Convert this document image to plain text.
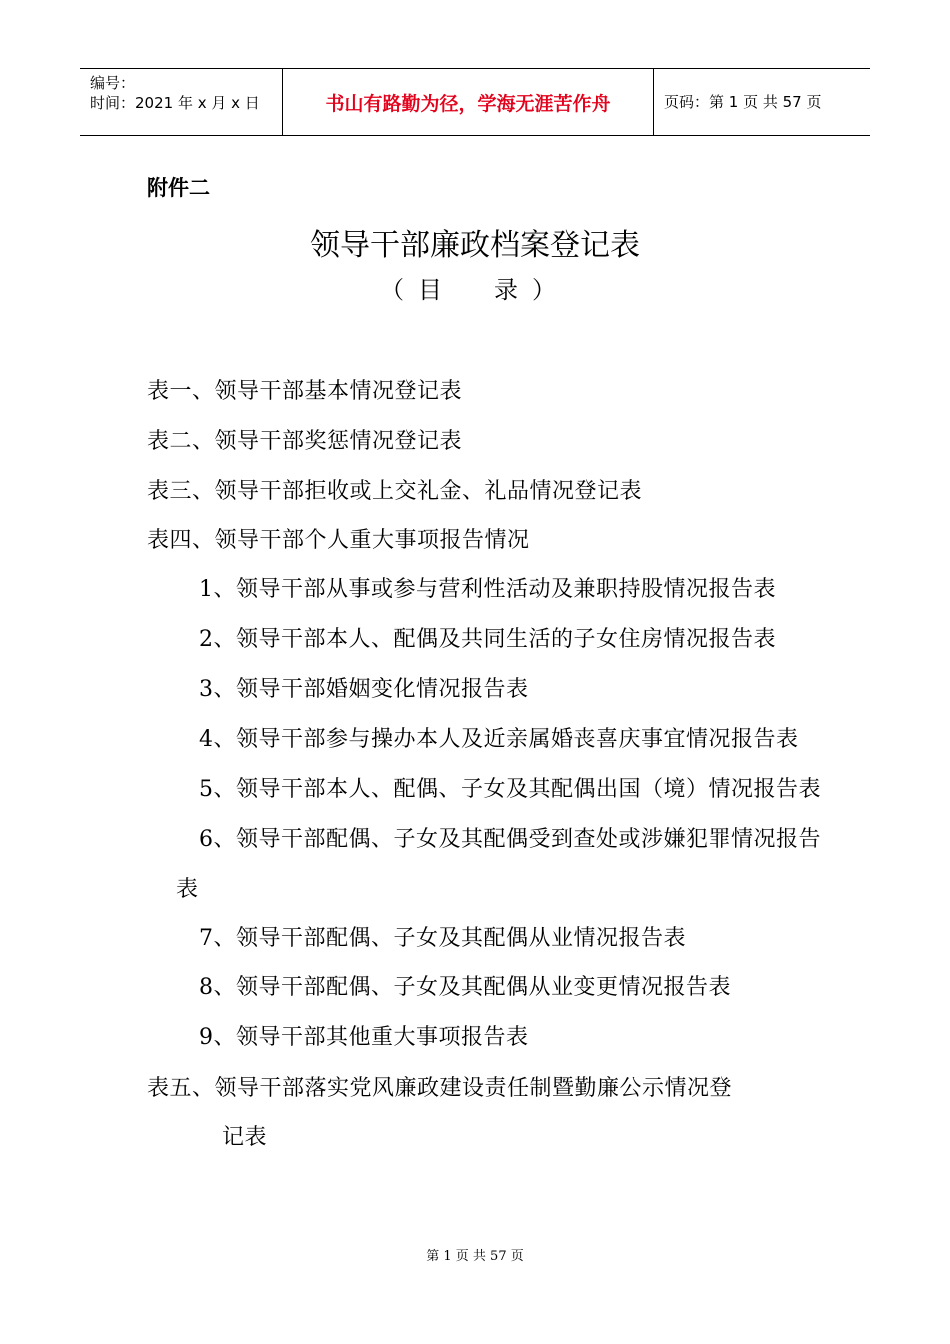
编号：
时间：2021 年 x 月 x 日	书山有路勤为径，学海无涯苦作舟	页码：第 1 页 共 57 页
附件二
领导干部廉政档案登记表
（目　录）
表一、领导干部基本情况登记表
表二、领导干部奖惩情况登记表
表三、领导干部拒收或上交礼金、礼品情况登记表
表四、领导干部个人重大事项报告情况
1、领导干部从事或参与营利性活动及兼职持股情况报告表
2、领导干部本人、配偶及共同生活的子女住房情况报告表
3、领导干部婚姻变化情况报告表
4、领导干部参与操办本人及近亲属婚丧喜庆事宜情况报告表
5、领导干部本人、配偶、子女及其配偶出国（境）情况报告表
6、领导干部配偶、子女及其配偶受到查处或涉嫌犯罪情况报告
表
7、领导干部配偶、子女及其配偶从业情况报告表
8、领导干部配偶、子女及其配偶从业变更情况报告表
9、领导干部其他重大事项报告表
表五、领导干部落实党风廉政建设责任制暨勤廉公示情况登
记表
第 1 页 共 57 页
